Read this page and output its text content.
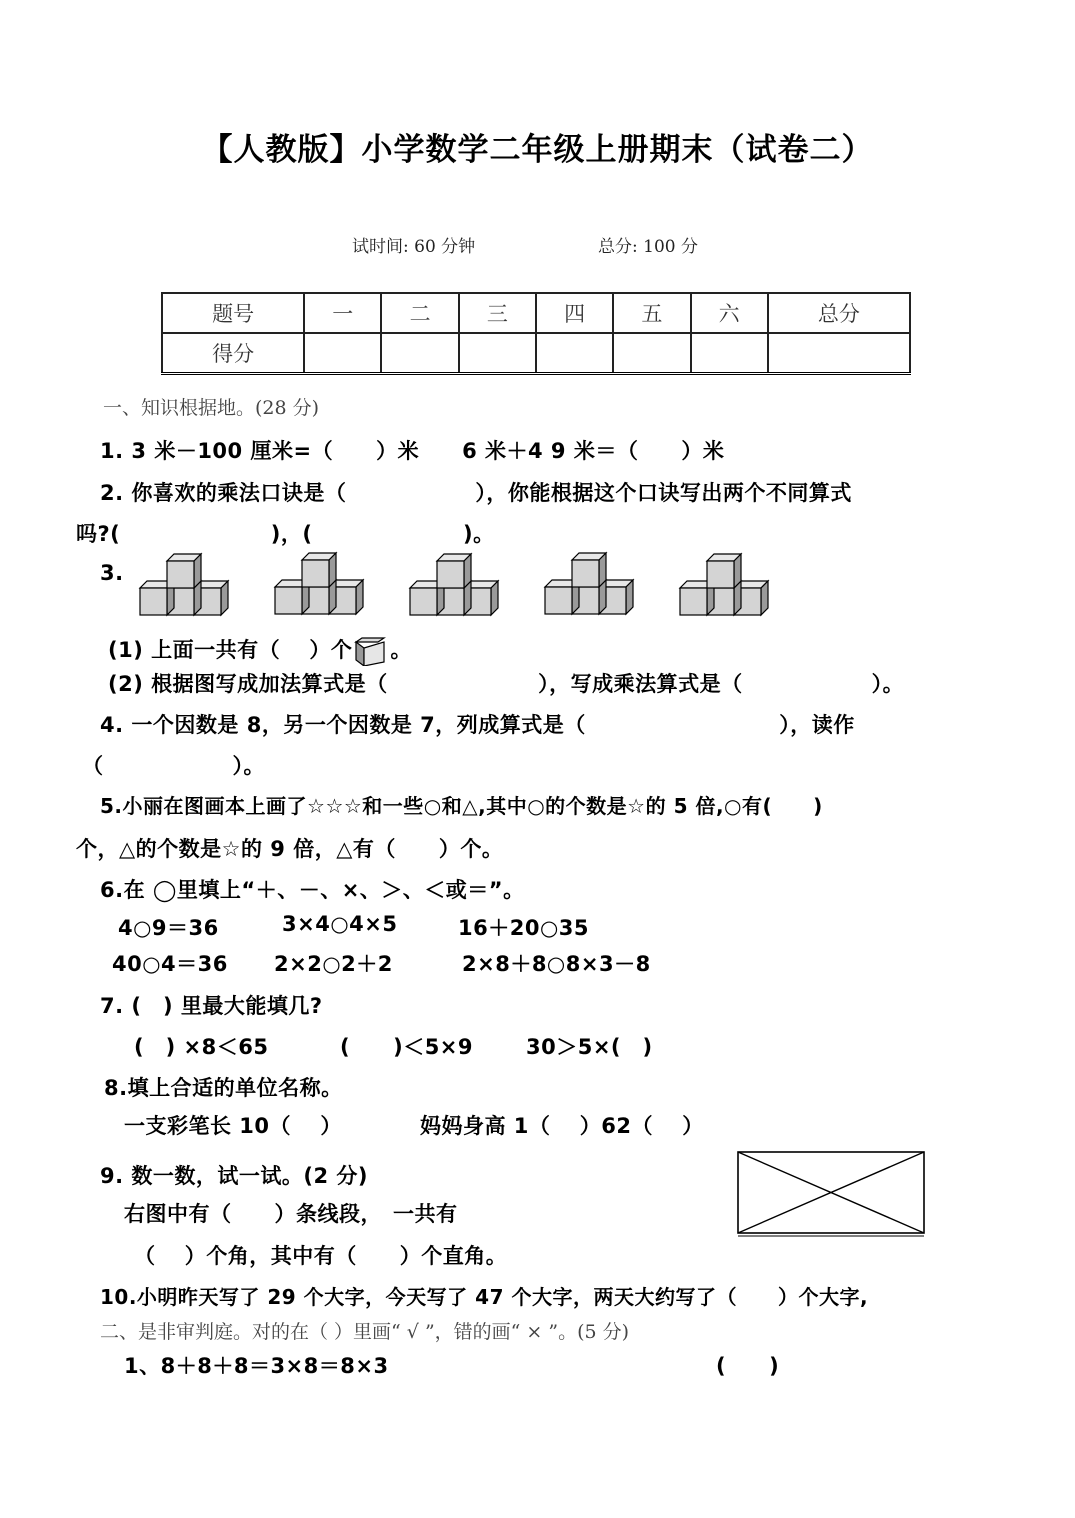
【人教版】小学数学二年级上册期末（试卷二）
试时间: 60 分钟	总分: 100 分
题号	一	二	三	四	五	六	总分
得分							
一、知识根据地。(28 分)
1. 3 米－100 厘米=（　　）米　　6 米＋4 9 米＝（　　）米
2. 你喜欢的乘法口诀是（　　　　　　），你能根据这个口诀写出两个不同算式
吗?(　　　　　　　)，(　　　　　　　)。
3.
(1) 上面一共有（　 ）个 。
(2) 根据图写成加法算式是（　　　　　　　），写成乘法算式是（　　　　　　）。
4. 一个因数是 8，另一个因数是 7，列成算式是（　　　　　　　　　），读作
（　　　　　　）。
5.小丽在图画本上画了☆☆☆和一些○和△,其中○的个数是☆的 5 倍,○有(　　)
个，△的个数是☆的 9 倍，△有（　　）个。
6.在 ◯里填上“＋、－、×、＞、＜或＝”。
4○9＝36	3×4○4×5	16＋20○35
40○4＝36 2×2○2＋2	2×8＋8○8×3－8
7. (　) 里最大能填几?
(　) ×8＜65	(　　)＜5×9	30＞5×(　)
8.填上合适的单位名称。
一支彩笔长 10（　 ）	妈妈身高 1（　 ）62（　 ）
9. 数一数，试一试。(2 分)
右图中有（　　）条线段，　一共有
（　 ）个角，其中有（　　）个直角。
10.小明昨天写了 29 个大字，今天写了 47 个大字，两天大约写了（　　）个大字,
二、是非审判庭。对的在（ ）里画“ √ ”，错的画“ × ”。(5 分)
1、8＋8＋8＝3×8＝8×3	(　　)
